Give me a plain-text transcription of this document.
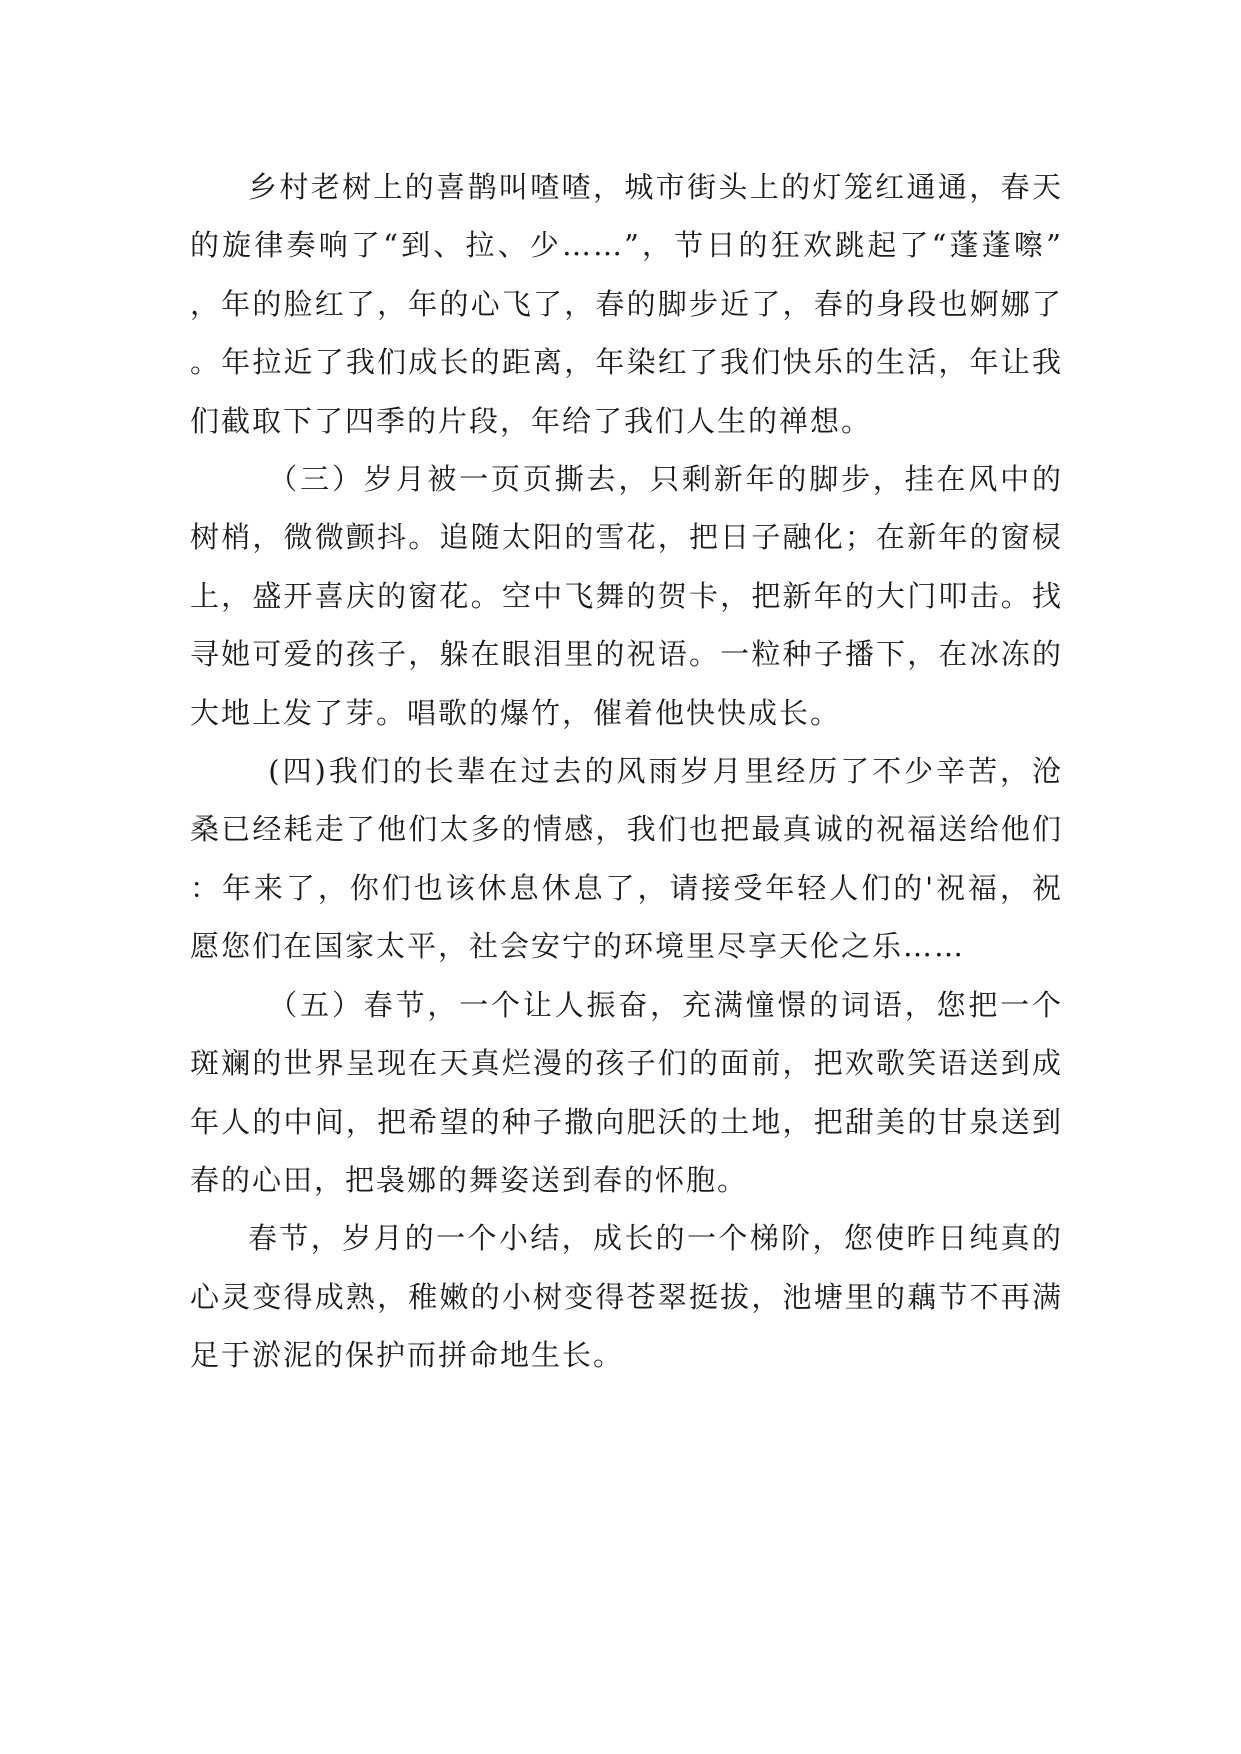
乡村老树上的喜鹊叫喳喳，城市街头上的灯笼红通通，春天的旋律奏响了“到、拉、少……”，节日的狂欢跳起了“蓬蓬嚓”，年的脸红了，年的心飞了，春的脚步近了，春的身段也婀娜了。年拉近了我们成长的距离，年染红了我们快乐的生活，年让我们截取下了四季的片段，年给了我们人生的禅想。

（三）岁月被一页页撕去，只剩新年的脚步，挂在风中的树梢，微微颤抖。追随太阳的雪花，把日子融化；在新年的窗棂上，盛开喜庆的窗花。空中飞舞的贺卡，把新年的大门叩击。找寻她可爱的孩子，躲在眼泪里的祝语。一粒种子播下，在冰冻的大地上发了芽。唱歌的爆竹，催着他快快成长。

(四)我们的长辈在过去的风雨岁月里经历了不少辛苦，沧桑已经耗走了他们太多的情感，我们也把最真诚的祝福送给他们：年来了，你们也该休息休息了，请接受年轻人们的'祝福，祝愿您们在国家太平，社会安宁的环境里尽享天伦之乐……

（五）春节，一个让人振奋，充满憧憬的词语，您把一个斑斓的世界呈现在天真烂漫的孩子们的面前，把欢歌笑语送到成年人的中间，把希望的种子撒向肥沃的土地，把甜美的甘泉送到春的心田，把袅娜的舞姿送到春的怀胞。

春节，岁月的一个小结，成长的一个梯阶，您使昨日纯真的心灵变得成熟，稚嫩的小树变得苍翠挺拔，池塘里的藕节不再满足于淤泥的保护而拼命地生长。
